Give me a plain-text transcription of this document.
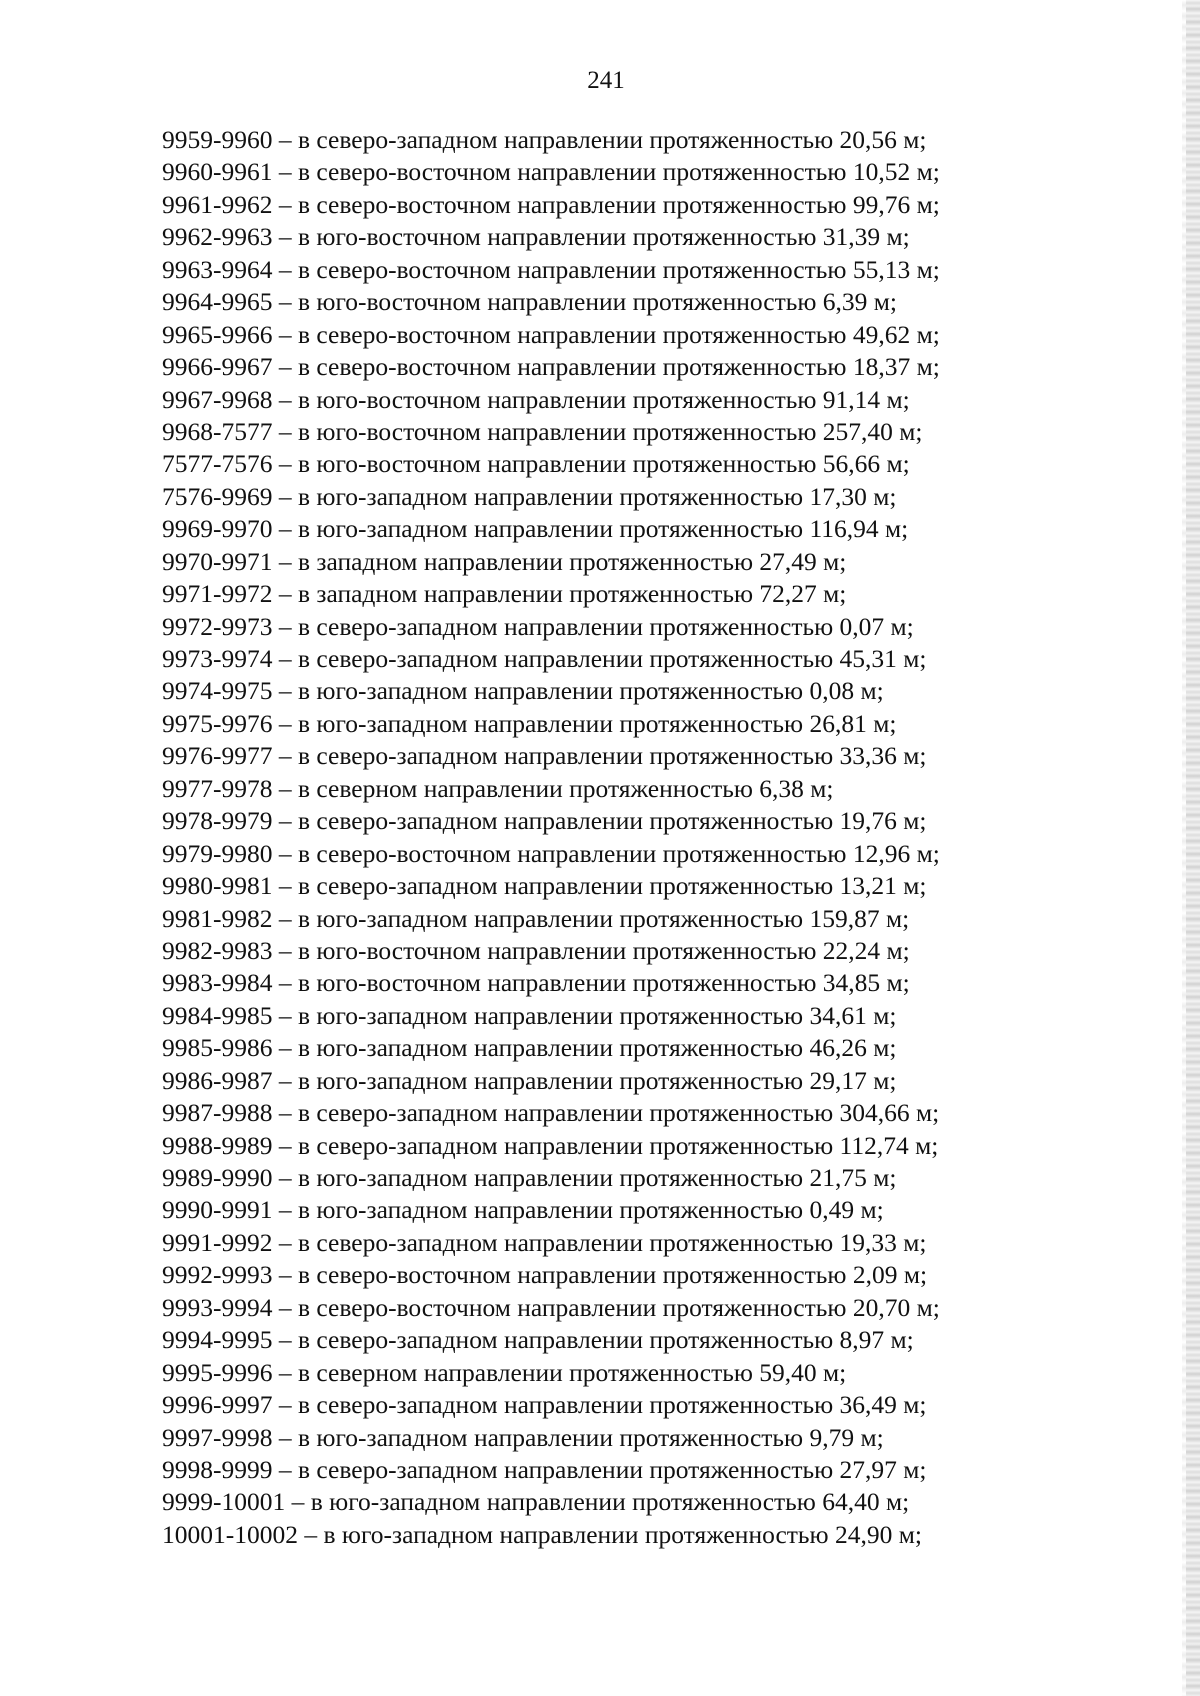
241
9959-9960 – в северо-западном направлении протяженностью 20,56 м;
9960-9961 – в северо-восточном направлении протяженностью 10,52 м;
9961-9962 – в северо-восточном направлении протяженностью 99,76 м;
9962-9963 – в юго-восточном направлении протяженностью 31,39 м;
9963-9964 – в северо-восточном направлении протяженностью 55,13 м;
9964-9965 – в юго-восточном направлении протяженностью 6,39 м;
9965-9966 – в северо-восточном направлении протяженностью 49,62 м;
9966-9967 – в северо-восточном направлении протяженностью 18,37 м;
9967-9968 – в юго-восточном направлении протяженностью 91,14 м;
9968-7577 – в юго-восточном направлении протяженностью 257,40 м;
7577-7576 – в юго-восточном направлении протяженностью 56,66 м;
7576-9969 – в юго-западном направлении протяженностью 17,30 м;
9969-9970 – в юго-западном направлении протяженностью 116,94 м;
9970-9971 – в западном направлении протяженностью 27,49 м;
9971-9972 – в западном направлении протяженностью 72,27 м;
9972-9973 – в северо-западном направлении протяженностью 0,07 м;
9973-9974 – в северо-западном направлении протяженностью 45,31 м;
9974-9975 – в юго-западном направлении протяженностью 0,08 м;
9975-9976 – в юго-западном направлении протяженностью 26,81 м;
9976-9977 – в северо-западном направлении протяженностью 33,36 м;
9977-9978 – в северном направлении протяженностью 6,38 м;
9978-9979 – в северо-западном направлении протяженностью 19,76 м;
9979-9980 – в северо-восточном направлении протяженностью 12,96 м;
9980-9981 – в северо-западном направлении протяженностью 13,21 м;
9981-9982 – в юго-западном направлении протяженностью 159,87 м;
9982-9983 – в юго-восточном направлении протяженностью 22,24 м;
9983-9984 – в юго-восточном направлении протяженностью 34,85 м;
9984-9985 – в юго-западном направлении протяженностью 34,61 м;
9985-9986 – в юго-западном направлении протяженностью 46,26 м;
9986-9987 – в юго-западном направлении протяженностью 29,17 м;
9987-9988 – в северо-западном направлении протяженностью 304,66 м;
9988-9989 – в северо-западном направлении протяженностью 112,74 м;
9989-9990 – в юго-западном направлении протяженностью 21,75 м;
9990-9991 – в юго-западном направлении протяженностью 0,49 м;
9991-9992 – в северо-западном направлении протяженностью 19,33 м;
9992-9993 – в северо-восточном направлении протяженностью 2,09 м;
9993-9994 – в северо-восточном направлении протяженностью 20,70 м;
9994-9995 – в северо-западном направлении протяженностью 8,97 м;
9995-9996 – в северном направлении протяженностью 59,40 м;
9996-9997 – в северо-западном направлении протяженностью 36,49 м;
9997-9998 – в юго-западном направлении протяженностью 9,79 м;
9998-9999 – в северо-западном направлении протяженностью 27,97 м;
9999-10001 – в юго-западном направлении протяженностью 64,40 м;
10001-10002 – в юго-западном направлении протяженностью 24,90 м;
